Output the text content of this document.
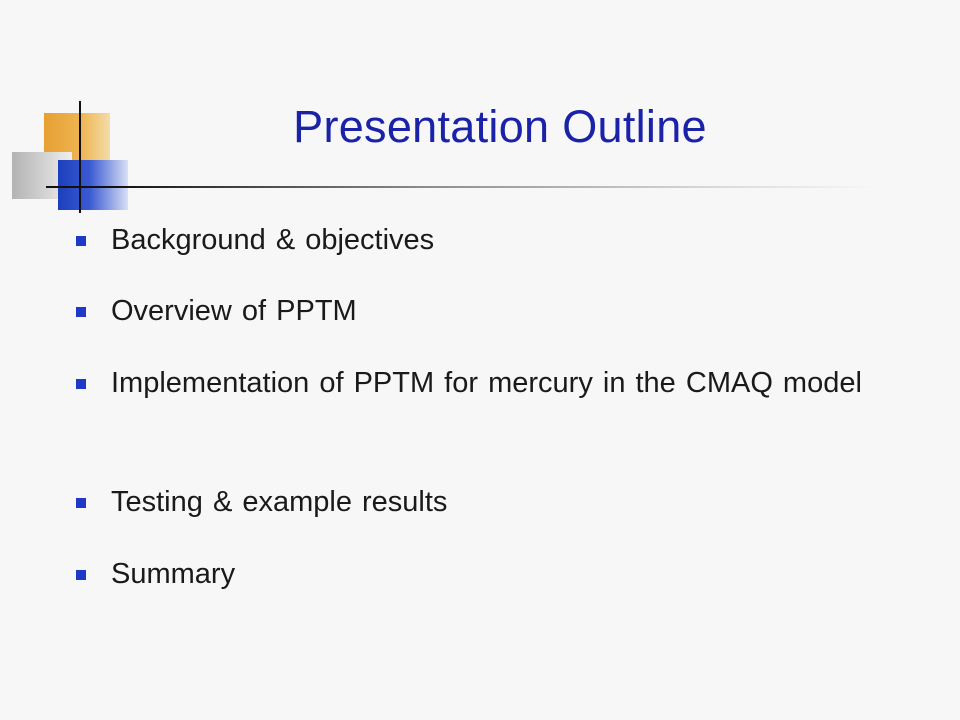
Presentation Outline
Background & objectives
Overview of PPTM
Implementation of PPTM for mercury in the CMAQ model
Testing & example results
Summary
